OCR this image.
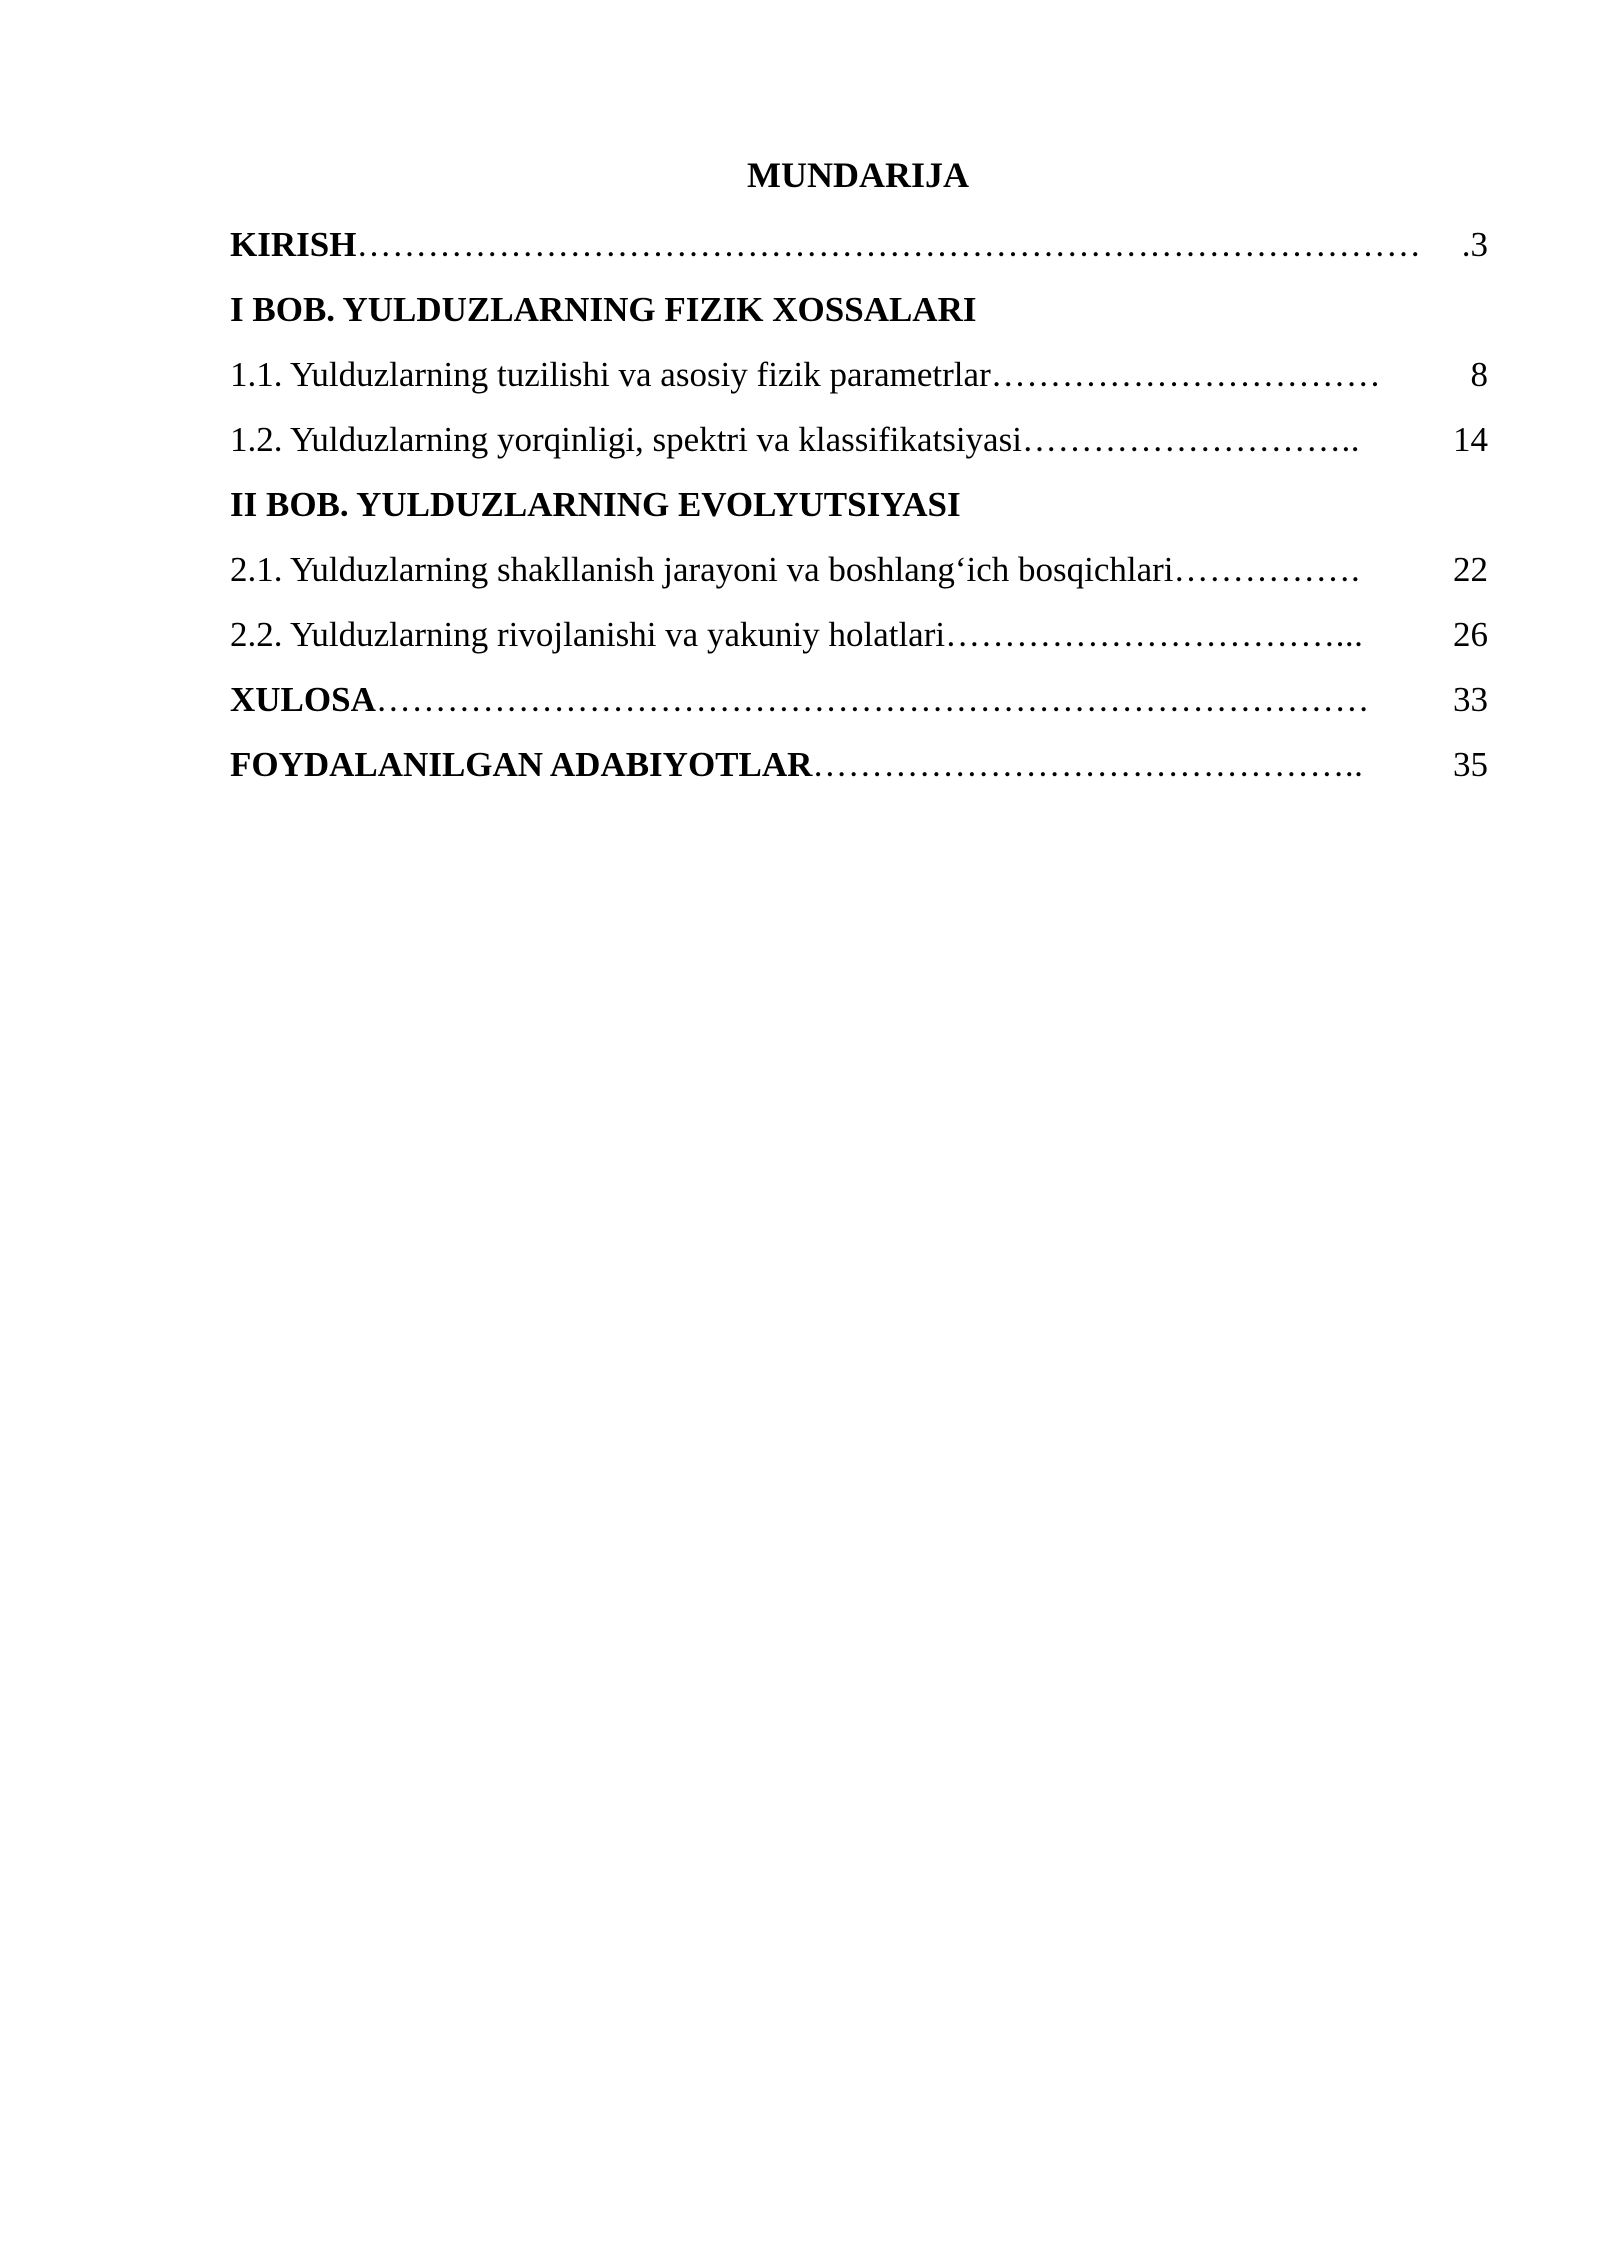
MUNDARIJA
KIRISH ………………………………………………………………………………	.3
I BOB. YULDUZLARNING FIZIK XOSSALARI
1.1. Yulduzlarning tuzilishi va asosiy fizik parametrlar ……………………………	8
1.2. Yulduzlarning yorqinligi, spektri va klassifikatsiyasi ………………………..	14
II BOB. YULDUZLARNING EVOLYUTSIYASI
2.1. Yulduzlarning shakllanish jarayoni va boshlang‘ich bosqichlari …………….	22
2.2. Yulduzlarning rivojlanishi va yakuniy holatlari ……………………………...	26
XULOSA …………………………………………………………………………	33
FOYDALANILGAN ADABIYOTLAR ………………………………………..	35
